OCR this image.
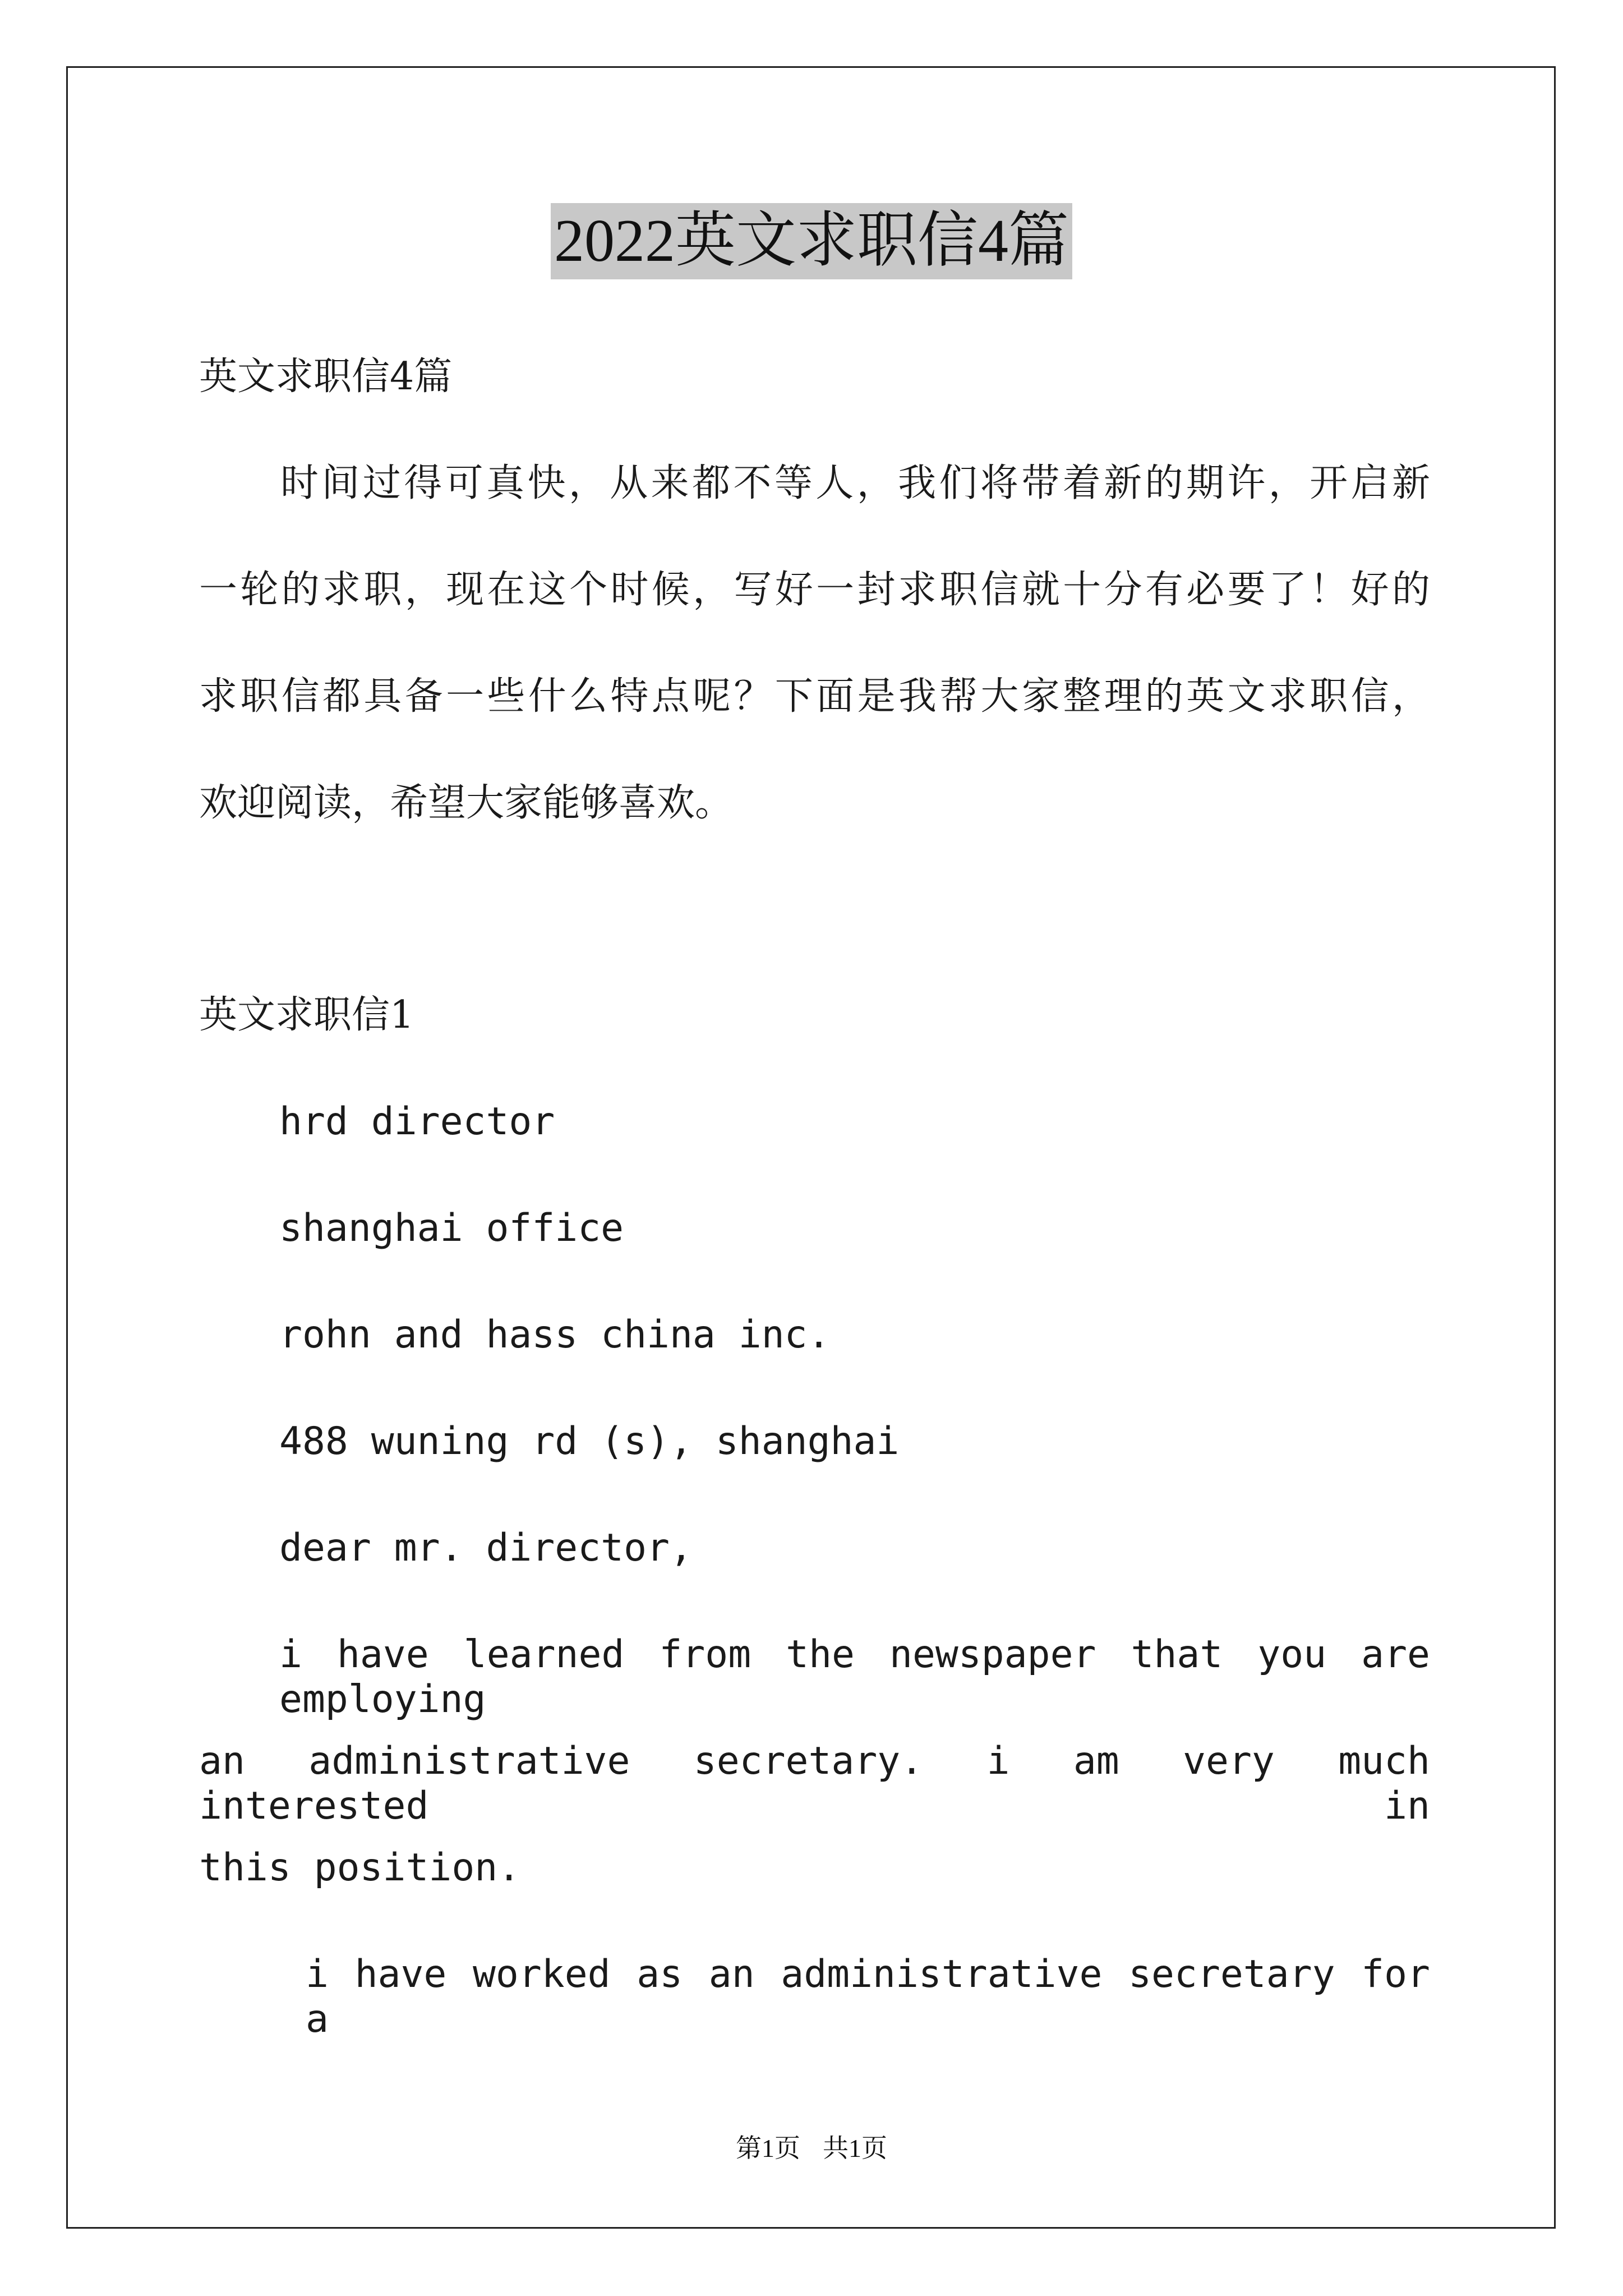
2022英文求职信4篇
英文求职信4篇
时间过得可真快，从来都不等人，我们将带着新的期许，开启新
一轮的求职，现在这个时候，写好一封求职信就十分有必要了！好的
求职信都具备一些什么特点呢？下面是我帮大家整理的英文求职信，
欢迎阅读，希望大家能够喜欢。
英文求职信1
hrd director
shanghai office
rohn and hass china inc.
488 wuning rd (s), shanghai
dear mr. director,
i have learned from the newspaper that you are employing
an administrative secretary. i am very much interested in
this position.
i have worked as an administrative secretary for a
第1页 共1页
